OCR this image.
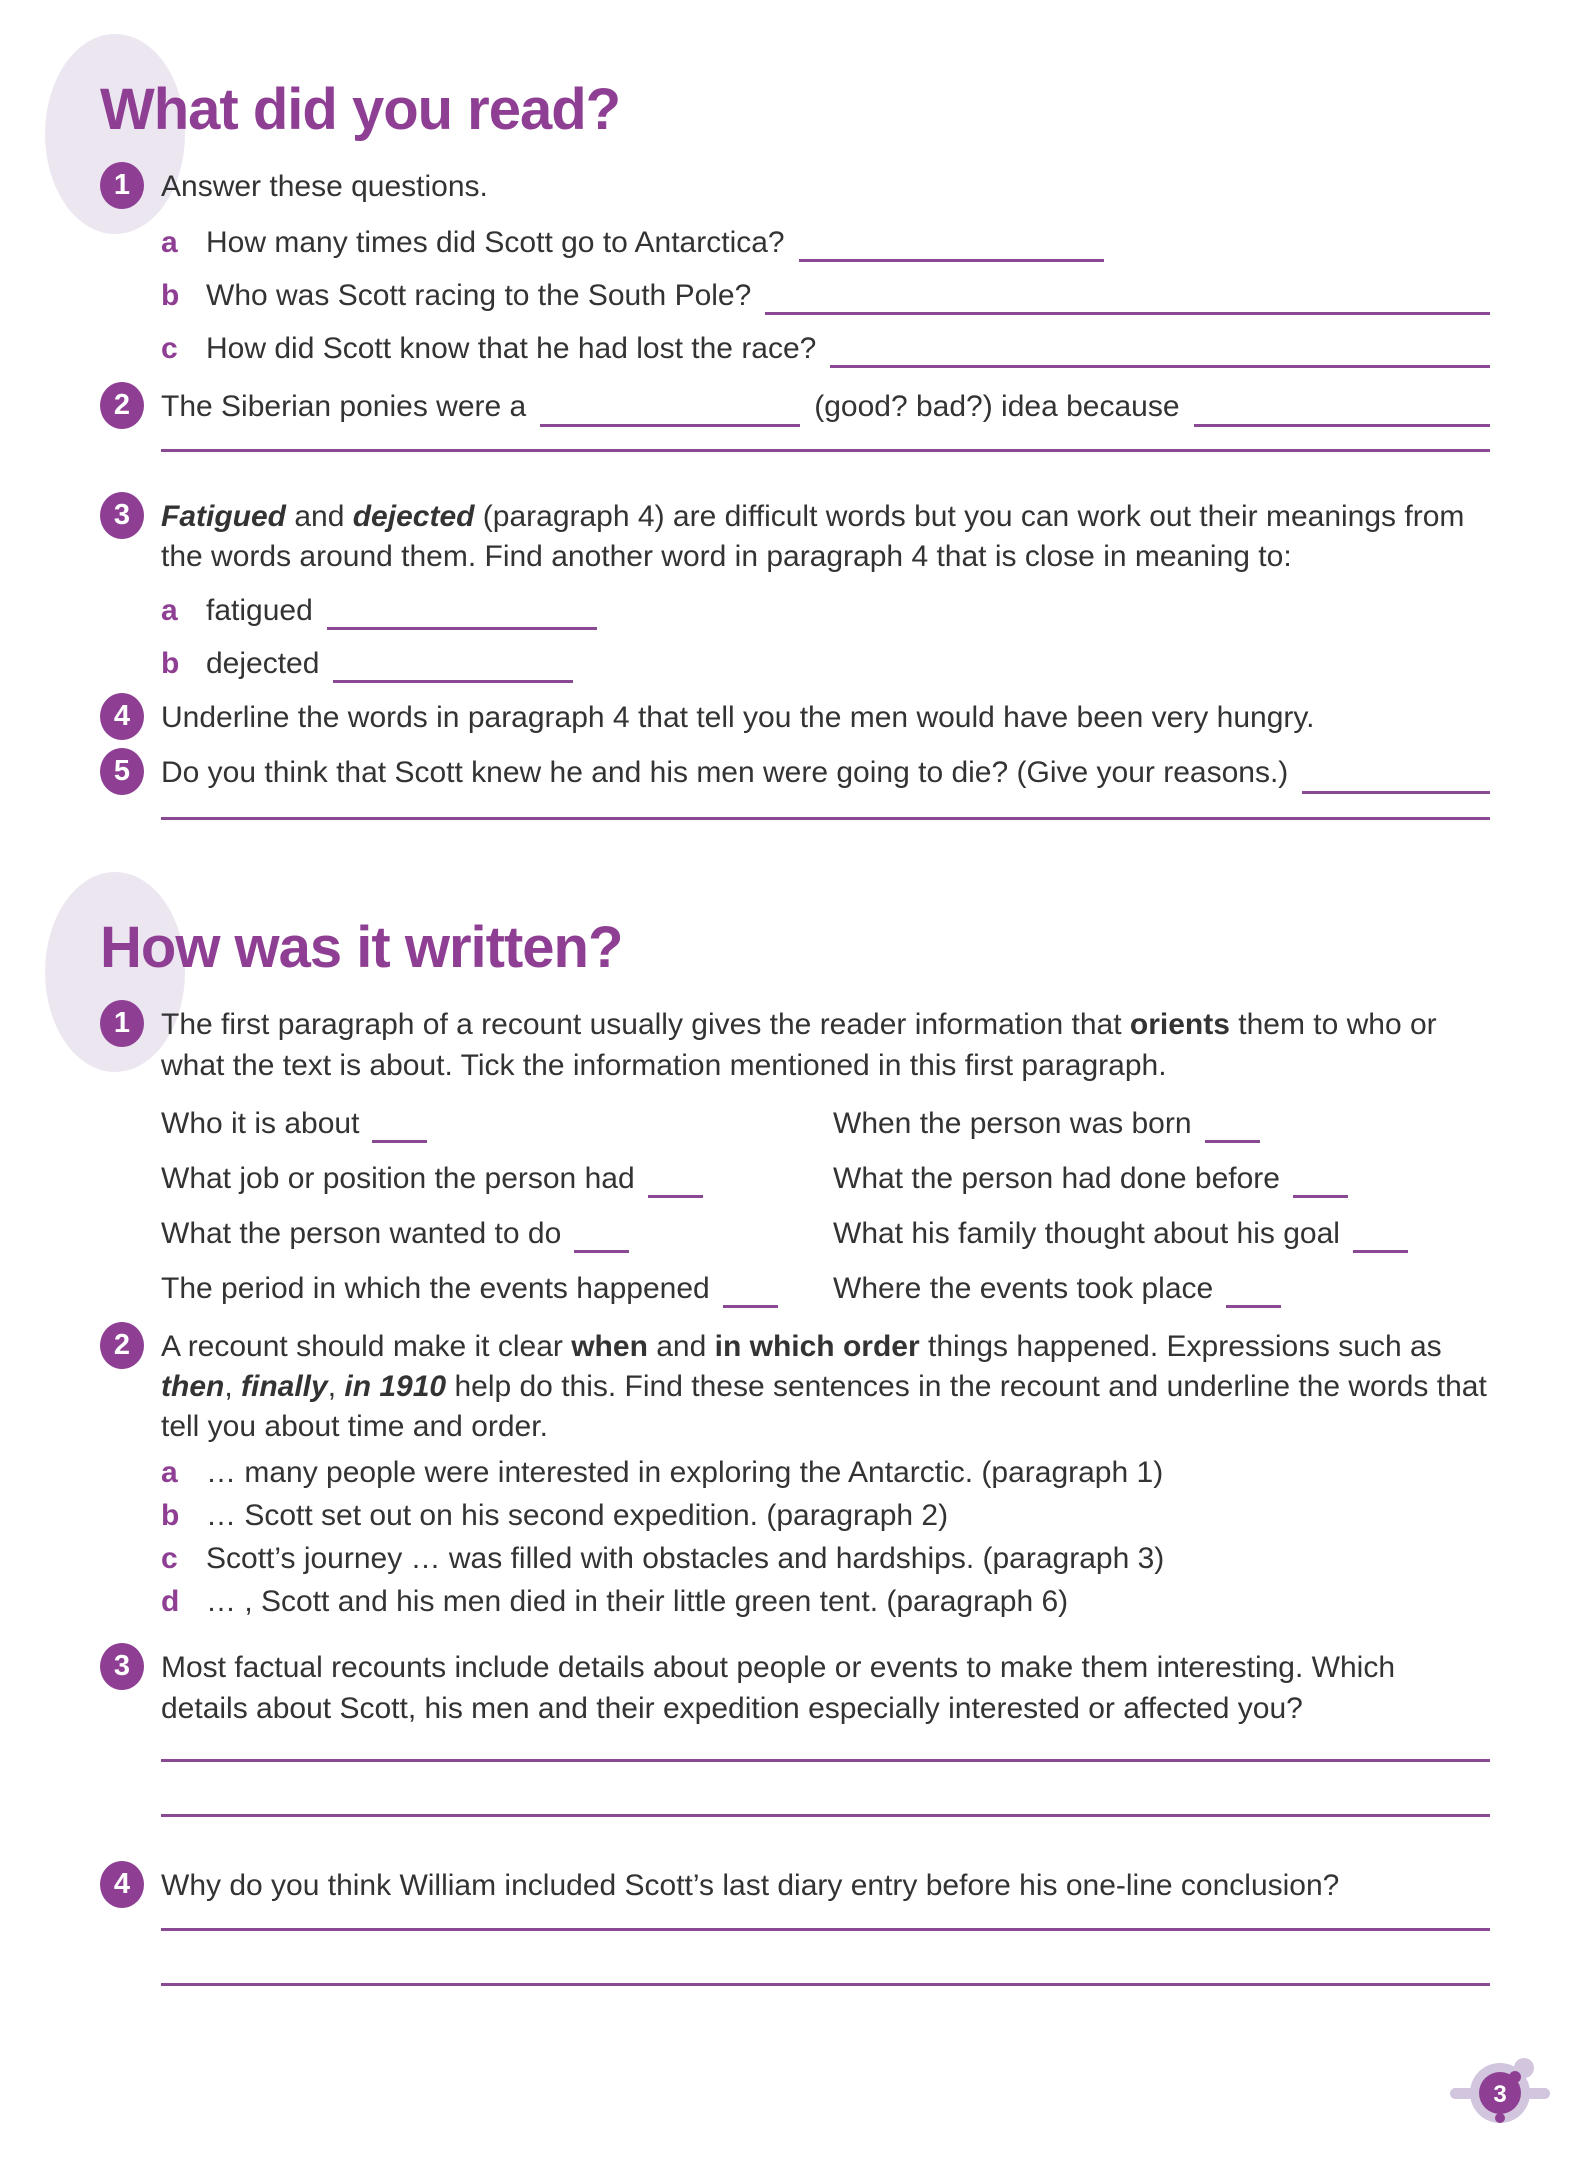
What did you read?
1	Answer these questions.

a How many times did Scott go to Antarctica?
b Who was Scott racing to the South Pole?
c How did Scott know that he had lost the race?
2	The Siberian ponies were a	(good? bad?) idea because
3	Fatigued and dejected (paragraph 4) are difficult words but you can work out their meanings from the words around them. Find another word in paragraph 4 that is close in meaning to:

a fatigued
b dejected
4	Underline the words in paragraph 4 that tell you the men would have been very hungry.

5	Do you think that Scott knew he and his men were going to die? (Give your reasons.)
How was it written?
1	The first paragraph of a recount usually gives the reader information that orients them to who or what the text is about. Tick the information mentioned in this first paragraph.

Who it is about	When the person was born
What job or position the person had	What the person had done before
What the person wanted to do	What his family thought about his goal
The period in which the events happened	Where the events took place
2	A recount should make it clear when and in which order things happened. Expressions such as then, finally, in 1910 help do this. Find these sentences in the recount and underline the words that tell you about time and order.

a … many people were interested in exploring the Antarctic. (paragraph 1)
b … Scott set out on his second expedition. (paragraph 2)
c Scott’s journey … was filled with obstacles and hardships. (paragraph 3)
d … , Scott and his men died in their little green tent. (paragraph 6)
3	Most factual recounts include details about people or events to make them interesting. Which details about Scott, his men and their expedition especially interested or affected you?

4	Why do you think William included Scott’s last diary entry before his one-line conclusion?

3
